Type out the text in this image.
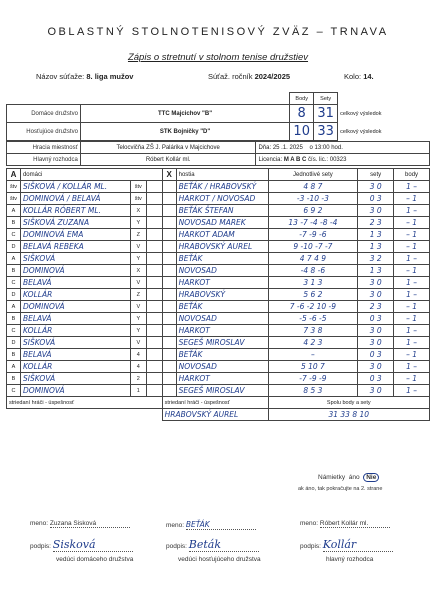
OBLASTNÝ STOLNOTENISOVÝ ZVÄZ – TRNAVA
Zápis o stretnutí v stolnom tenise družstiev
Názov súťaže: 8. liga mužov	Súťaž. ročník 2024/2025	Kolo: 14.
		Body	Sety	
Domáce družstvo	TTC Majcichov "B"	8	31	celkový výsledok
Hosťujúce družstvo	STK Bojničky "D"	10	33	celkový výsledok
Hracia miestnosť	Telocvičňa ZŠ J. Palárika v Majcichove	Dňa: 25 .1. 2025 o 13:00 hod.
Hlavný rozhodca	Róbert Kollár ml.	Licencia: M A B C čís. lic.: 00323
A	domáci			X	hostia	Jednotlivé sety	sety	body
štv	SIŠKOVÁ / KOLLÁR ML.	štv			BEŤÁK / HRABOVSKÝ	4 8 7	3 0	1 –
štv	DOMINOVÁ / BELAVÁ	štv			HARKOT / NOVOSAD	-3 -10 -3	0 3	– 1
A	KOLLÁR RÓBERT ML.	X			BEŤÁK ŠTEFAN	6 9 2	3 0	1 –
B	SIŠKOVÁ ZUZANA	Y			NOVOSAD MAREK	13 -7 -4 -8 -4	2 3	– 1
C	DOMINOVÁ EMA	Z			HARKOT ADAM	-7 -9 -6	1 3	– 1
D	BELAVÁ REBEKA	V			HRABOVSKÝ AUREL	9 -10 -7 -7	1 3	– 1
A	SIŠKOVÁ	Y			BEŤÁK	4 7 4 9	3 2	1 –
B	DOMINOVÁ	X			NOVOSAD	-4 8 -6	1 3	– 1
C	BELAVÁ	V			HARKOT	3 1 3	3 0	1 –
D	KOLLÁR	Z			HRABOVSKÝ	5 6 2	3 0	1 –
A	DOMINOVÁ	V			BEŤÁK	7 -6 -2 10 -9	2 3	– 1
B	BELAVÁ	Y			NOVOSAD	-5 -6 -5	0 3	– 1
C	KOLLÁR	Y			HARKOT	7 3 8	3 0	1 –
D	SIŠKOVÁ	V			SEGEŠ MIROSLAV	4 2 3	3 0	1 –
B	BELAVÁ	4			BEŤÁK	–	0 3	– 1
A	KOLLÁR	4			NOVOSAD	5 10 7	3 0	1 –
B	SIŠKOVÁ	2			HARKOT	-7 -9 -9	0 3	– 1
C	DOMINOVÁ	1			SEGEŠ MIROSLAV	8 5 3	3 0	1 –
striedaní hráči - úspešnosť				striedaní hráči - úspešnosť		Spolu body a sety		
				HRABOVSKÝ AUREL		31 33 8 10		
Námietky áno Nie
ak áno, tak pokračujte na 2. strane
meno: Zuzana Sisková	meno: BEŤÁK	meno: Róbert Kollár ml.
podpis: Sisková	podpis: Beták	podpis: Kollár
vedúci domáceho družstva	vedúci hosťujúceho družstva	hlavný rozhodca
